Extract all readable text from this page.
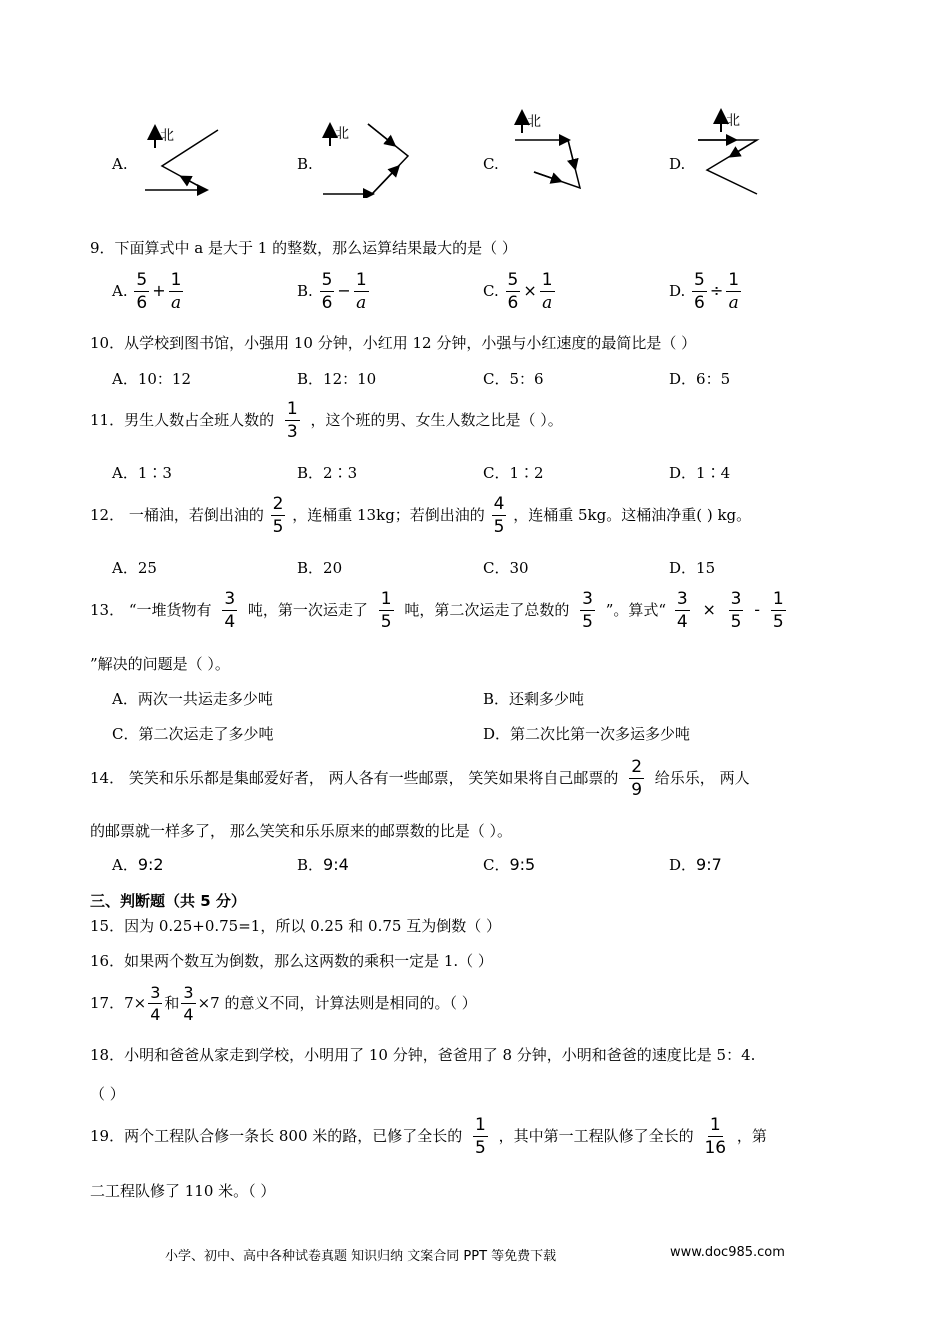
A.
北
B.
北
C.
北
D.
北
9．下面算式中 a 是大于 1 的整数，那么运算结果最大的是（ ）
A. $\frac{5}{6} + \frac{1}{a}$	B. $\frac{5}{6} - \frac{1}{a}$	C. $\frac{5}{6} \times \frac{1}{a}$	D. $\frac{5}{6} \div \frac{1}{a}$
10．从学校到图书馆，小强用 10 分钟，小红用 12 分钟，小强与小红速度的最简比是（ ）
A．10：12	B．12：10	C．5：6	D．6：5
11．男生人数占全班人数的 $\frac{1}{3}$ ，这个班的男、女生人数之比是（ ）。
A．1∶3	B．2∶3	C．1∶2	D．1∶4
12． 一桶油，若倒出油的 $\frac{2}{5}$ ，连桶重 13kg；若倒出油的 $\frac{4}{5}$ ，连桶重 5kg。这桶油净重( ) kg。
A．25	B．20	C．30	D．15
13． “一堆货物有 $\frac{3}{4}$ 吨，第一次运走了 $\frac{1}{5}$ 吨，第二次运走了总数的 $\frac{3}{5}$ ”。算式“ $\frac{3}{4} \times \frac{3}{5} - \frac{1}{5}$
”解决的问题是（ ）。
A．两次一共运走多少吨	B．还剩多少吨
C．第二次运走了多少吨	D．第二次比第一次多运多少吨
14． 笑笑和乐乐都是集邮爱好者， 两人各有一些邮票， 笑笑如果将自己邮票的 $\frac{2}{9}$ 给乐乐， 两人
的邮票就一样多了， 那么笑笑和乐乐原来的邮票数的比是（ ）。
A．9:2	B．9:4	C．9:5	D．9:7
三、判断题（共 5 分）
15．因为 0.25+0.75=1，所以 0.25 和 0.75 互为倒数（ ）
16．如果两个数互为倒数，那么这两数的乘积一定是 1.（ ）
17．$7\times \frac{3}{4}$ 和 $\frac{3}{4} \times 7$ 的意义不同，计算法则是相同的。（ ）
18．小明和爸爸从家走到学校，小明用了 10 分钟，爸爸用了 8 分钟，小明和爸爸的速度比是 5：4.
（ ）
19．两个工程队合修一条长 800 米的路，已修了全长的 $\frac{1}{5}$ ，其中第一工程队修了全长的 $\frac{1}{16}$ ，第
二工程队修了 110 米。（ ）
小学、初中、高中各种试卷真题 知识归纳 文案合同 PPT 等免费下载	www.doc985.com
